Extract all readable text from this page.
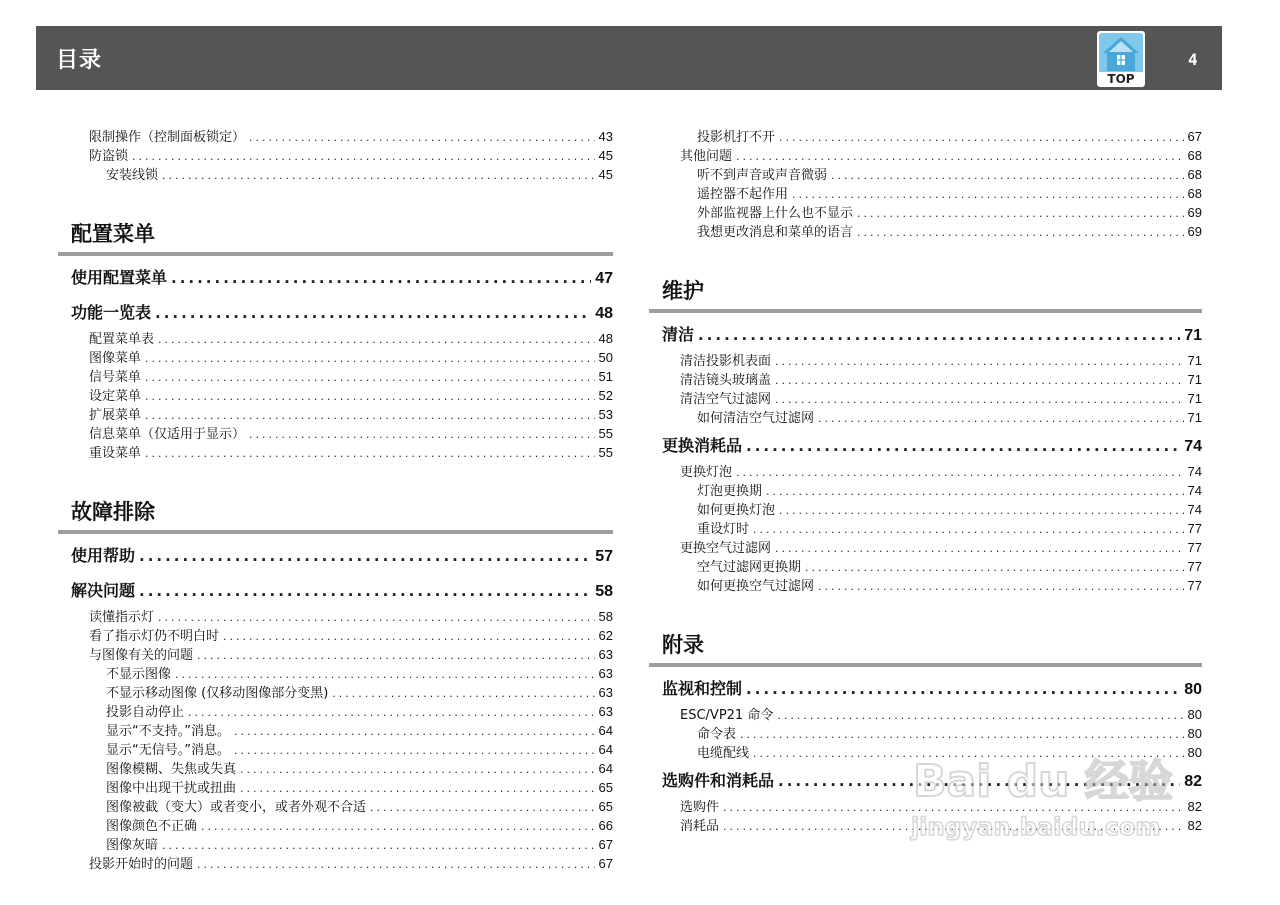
目录
TOP
4
限制操作（控制面板锁定） .....	43
防盗锁 .....	45
安装线锁 .....	45
配置菜单
使用配置菜单 .....	47
功能一览表 .....	48
配置菜单表 .....	48
图像菜单 .....	50
信号菜单 .....	51
设定菜单 .....	52
扩展菜单 .....	53
信息菜单（仅适用于显示） .....	55
重设菜单 .....	55
故障排除
使用帮助 .....	57
解决问题 .....	58
读懂指示灯 .....	58
看了指示灯仍不明白时 .....	62
与图像有关的问题 .....	63
不显示图像 .....	63
不显示移动图像 (仅移动图像部分变黑) .....	63
投影自动停止 .....	63
显示“不支持。”消息。 .....	64
显示“无信号。”消息。 .....	64
图像模糊、失焦或失真 .....	64
图像中出现干扰或扭曲 .....	65
图像被截（变大）或者变小，或者外观不合适 .....	65
图像颜色不正确 .....	66
图像灰暗 .....	67
投影开始时的问题 .....	67
投影机打不开 .....	67
其他问题 .....	68
听不到声音或声音微弱 .....	68
遥控器不起作用 .....	68
外部监视器上什么也不显示 .....	69
我想更改消息和菜单的语言 .....	69
维护
清洁 .....	71
清洁投影机表面 .....	71
清洁镜头玻璃盖 .....	71
清洁空气过滤网 .....	71
如何清洁空气过滤网 .....	71
更换消耗品 .....	74
更换灯泡 .....	74
灯泡更换期 .....	74
如何更换灯泡 .....	74
重设灯时 .....	77
更换空气过滤网 .....	77
空气过滤网更换期 .....	77
如何更换空气过滤网 .....	77
附录
监视和控制 .....	80
ESC/VP21 命令 .....	80
命令表 .....	80
电缆配线 .....	80
选购件和消耗品 .....	82
选购件 .....	82
消耗品 .....	82
Bai du 经验
jingyan.baidu.com
